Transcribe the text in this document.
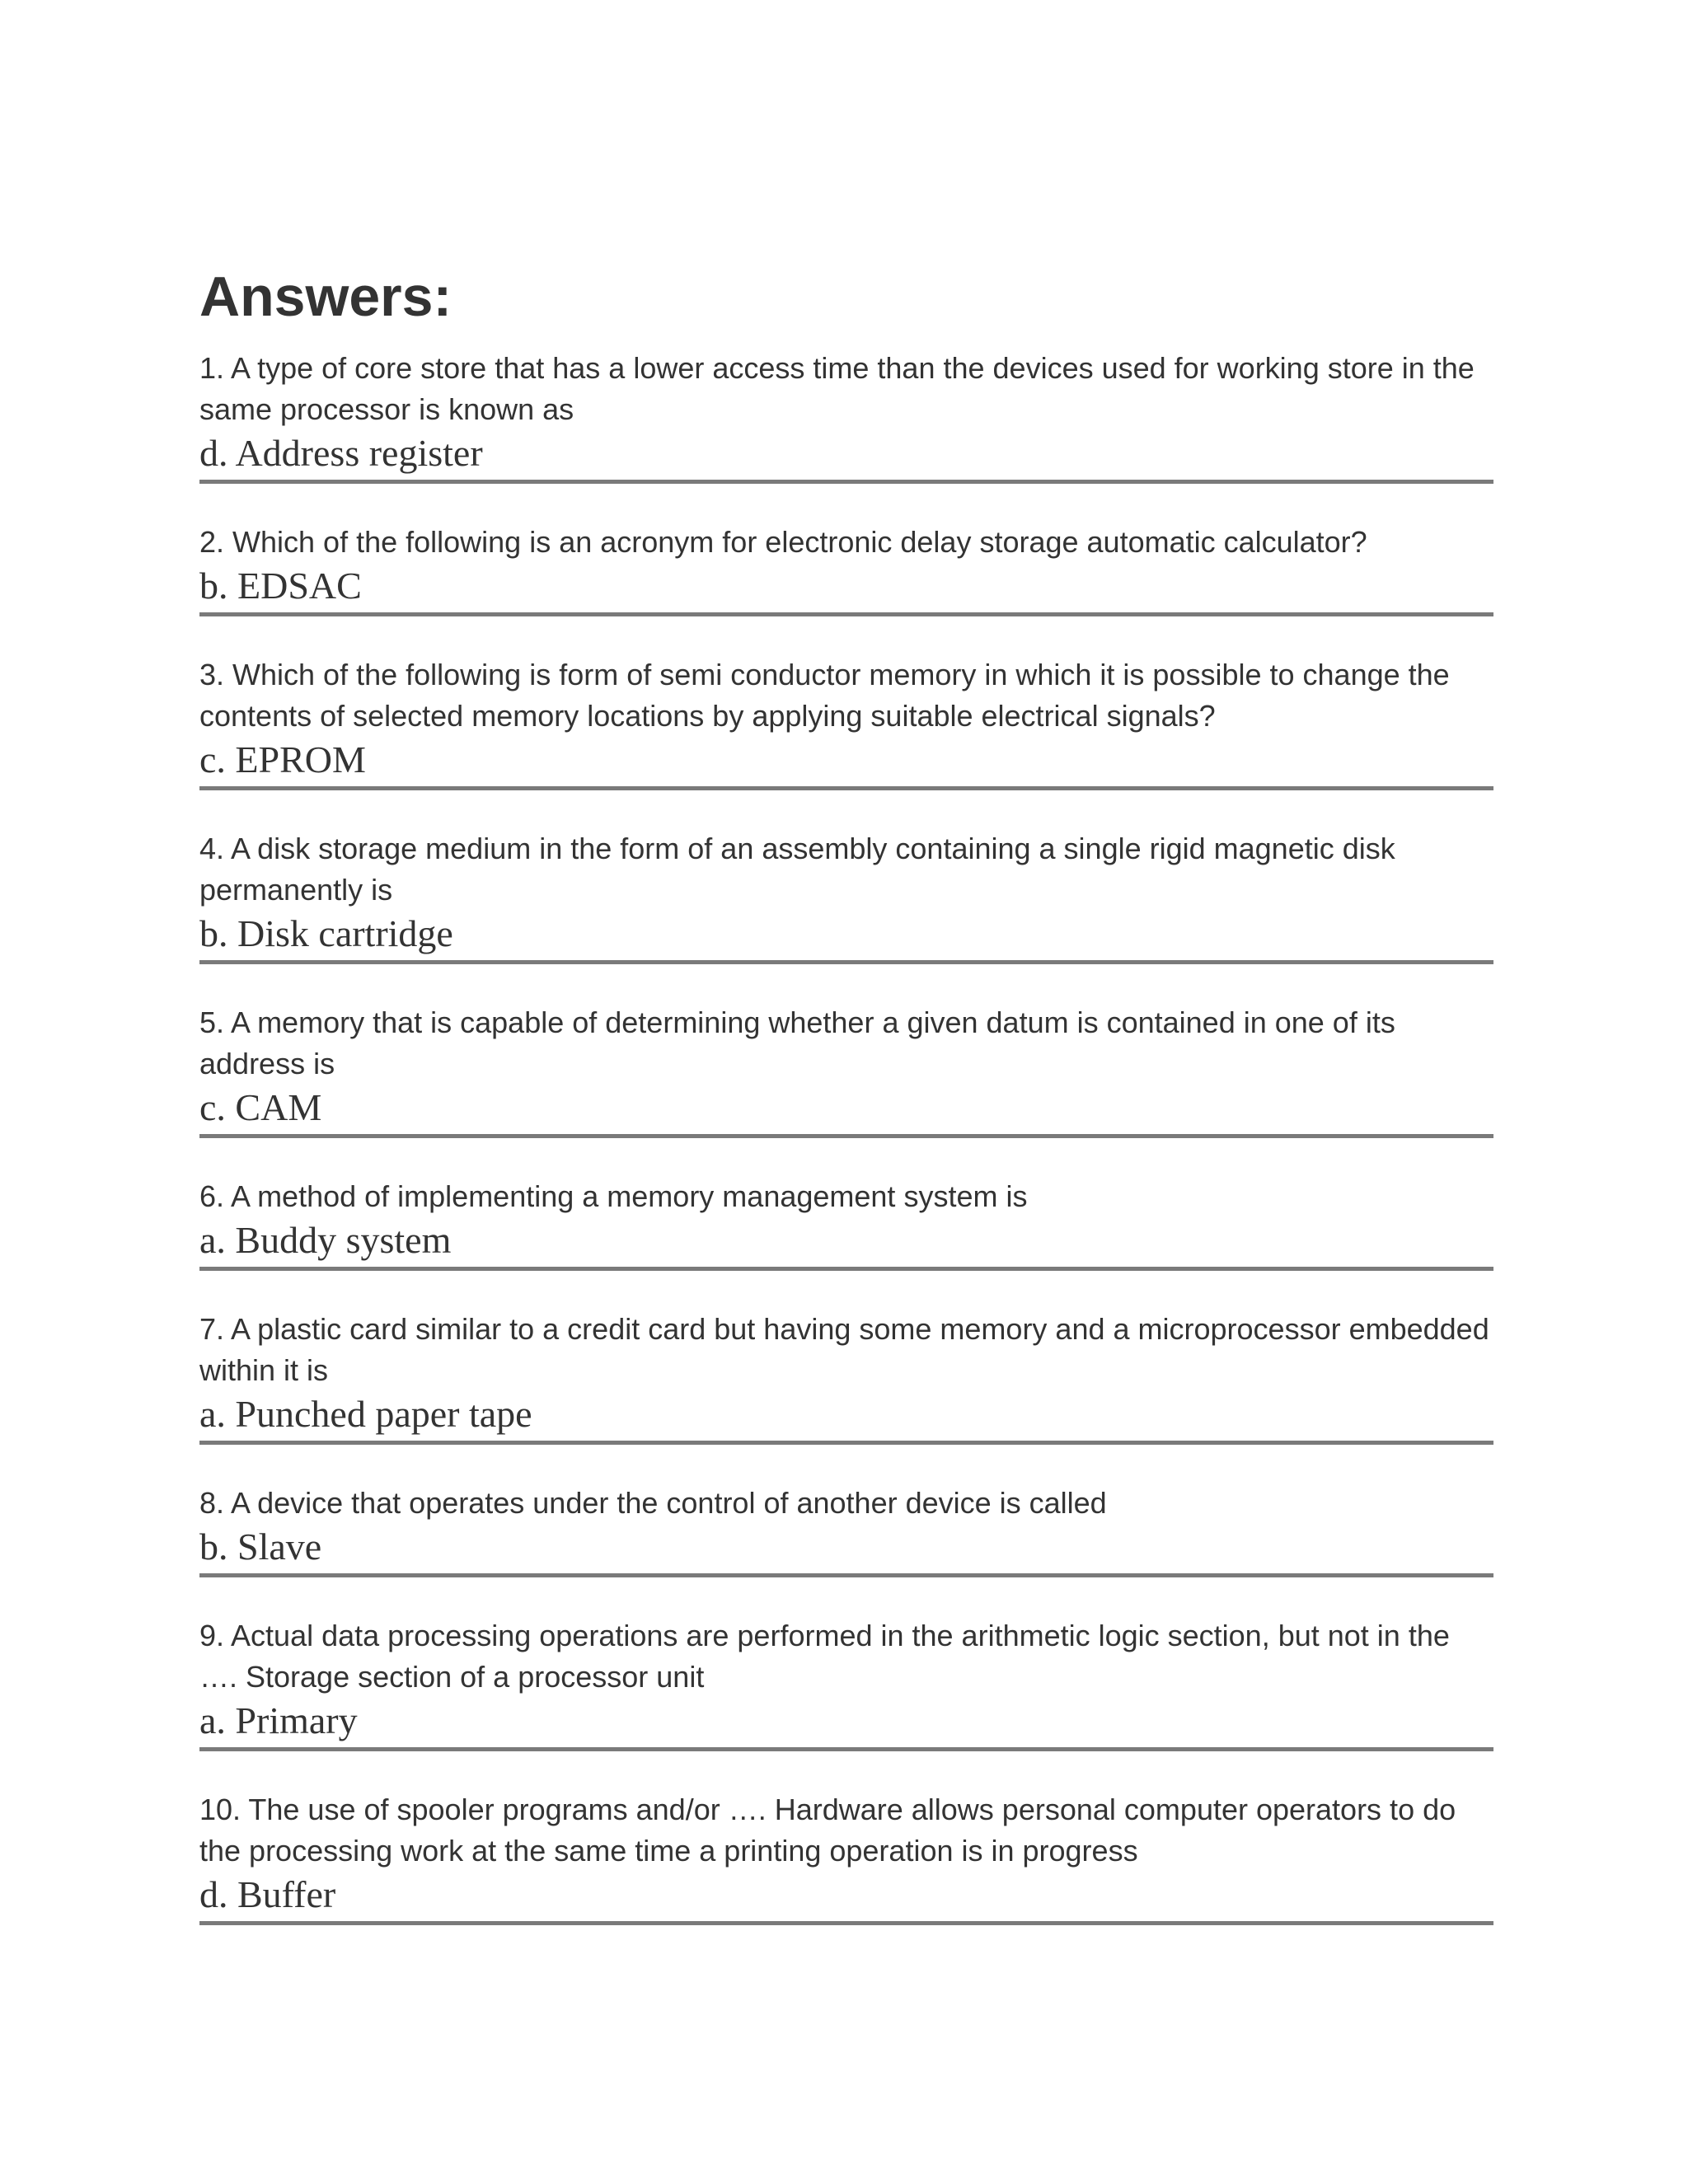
Answers:

1. A type of core store that has a lower access time than the devices used for working store in the same processor is known as

d. Address register

2. Which of the following is an acronym for electronic delay storage automatic calculator?

b. EDSAC

3. Which of the following is form of semi conductor memory in which it is possible to change the contents of selected memory locations by applying suitable electrical signals?

c. EPROM

4. A disk storage medium in the form of an assembly containing a single rigid magnetic disk permanently is

b. Disk cartridge

5. A memory that is capable of determining whether a given datum is contained in one of its address is

c. CAM

6. A method of implementing a memory management system is

a. Buddy system

7. A plastic card similar to a credit card but having some memory and a microprocessor embedded within it is

a. Punched paper tape

8. A device that operates under the control of another device is called

b. Slave

9. Actual data processing operations are performed in the arithmetic logic section, but not in the …. Storage section of a processor unit

a. Primary

10. The use of spooler programs and/or …. Hardware allows personal computer operators to do the processing work at the same time a printing operation is in progress

d. Buffer
